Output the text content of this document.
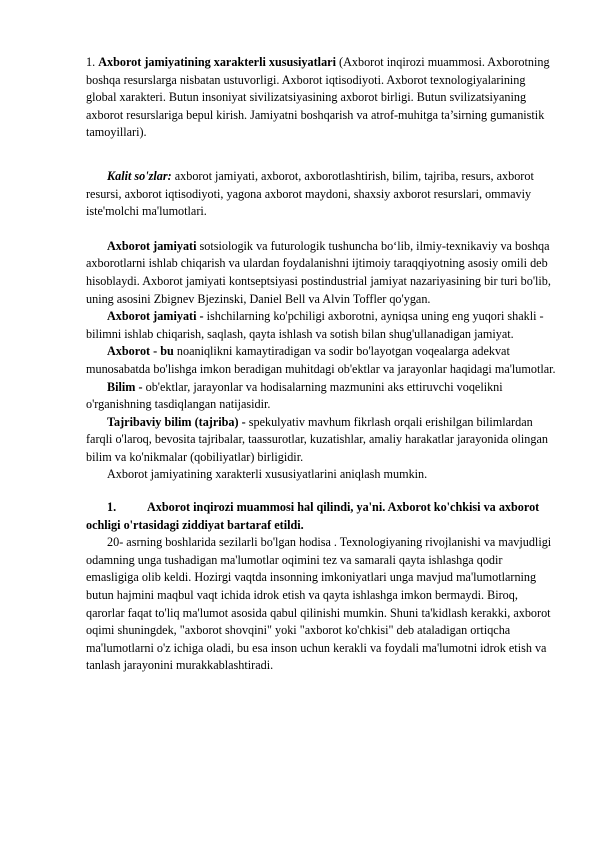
1. Axborot jamiyatining xarakterli xususiyatlari (Axborot inqirozi muammosi. Axborotning boshqa resurslarga nisbatan ustuvorligi. Axborot iqtisodiyoti. Axborot texnologiyalarining global xarakteri. Butun insoniyat sivilizatsiyasining axborot birligi. Butun svilizatsiyaning axborot resurslariga bepul kirish. Jamiyatni boshqarish va atrof-muhitga ta’sirning gumanistik tamoyillari).

Kalit so'zlar: axborot jamiyati, axborot, axborotlashtirish, bilim, tajriba, resurs, axborot resursi, axborot iqtisodiyoti, yagona axborot maydoni, shaxsiy axborot resurslari, ommaviy iste'molchi ma'lumotlari.

Axborot jamiyati sotsiologik va futurologik tushuncha bo‘lib, ilmiy-texnikaviy va boshqa axborotlarni ishlab chiqarish va ulardan foydalanishni ijtimoiy taraqqiyotning asosiy omili deb hisoblaydi. Axborot jamiyati kontseptsiyasi postindustrial jamiyat nazariyasining bir turi bo'lib, uning asosini Zbignev Bjezinski, Daniel Bell va Alvin Toffler qo'ygan.

Axborot jamiyati - ishchilarning ko'pchiligi axborotni, ayniqsa uning eng yuqori shakli - bilimni ishlab chiqarish, saqlash, qayta ishlash va sotish bilan shug'ullanadigan jamiyat.

Axborot - bu noaniqlikni kamaytiradigan va sodir bo'layotgan voqealarga adekvat munosabatda bo'lishga imkon beradigan muhitdagi ob'ektlar va jarayonlar haqidagi ma'lumotlar.

Bilim - ob'ektlar, jarayonlar va hodisalarning mazmunini aks ettiruvchi voqelikni o'rganishning tasdiqlangan natijasidir.

Tajribaviy bilim (tajriba) - spekulyativ mavhum fikrlash orqali erishilgan bilimlardan farqli o'laroq, bevosita tajribalar, taassurotlar, kuzatishlar, amaliy harakatlar jarayonida olingan bilim va ko'nikmalar (qobiliyatlar) birligidir.

Axborot jamiyatining xarakterli xususiyatlarini aniqlash mumkin.

1.	Axborot inqirozi muammosi hal qilindi, ya'ni. Axborot ko'chkisi va axborot ochligi o'rtasidagi ziddiyat bartaraf etildi.

20- asrning boshlarida sezilarli bo'lgan hodisa . Texnologiyaning rivojlanishi va mavjudligi odamning unga tushadigan ma'lumotlar oqimini tez va samarali qayta ishlashga qodir emasligiga olib keldi. Hozirgi vaqtda insonning imkoniyatlari unga mavjud ma'lumotlarning butun hajmini maqbul vaqt ichida idrok etish va qayta ishlashga imkon bermaydi. Biroq, qarorlar faqat to'liq ma'lumot asosida qabul qilinishi mumkin. Shuni ta'kidlash kerakki, axborot oqimi shuningdek, "axborot shovqini" yoki "axborot ko'chkisi" deb ataladigan ortiqcha ma'lumotlarni o'z ichiga oladi, bu esa inson uchun kerakli va foydali ma'lumotni idrok etish va tanlash jarayonini murakkablashtiradi.
